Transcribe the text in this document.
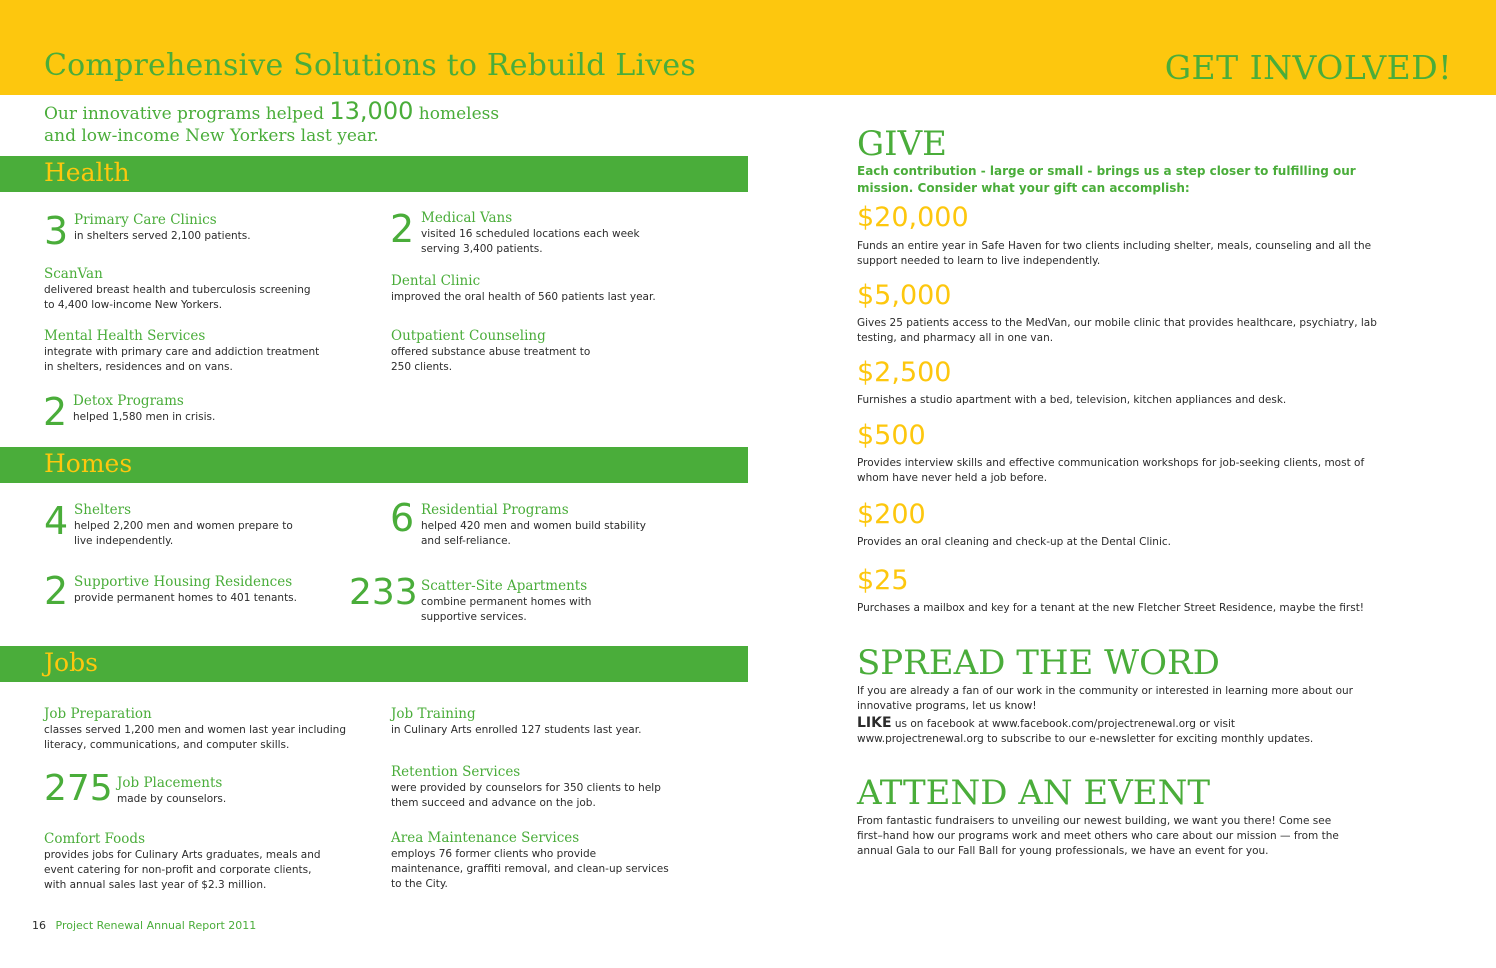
Comprehensive Solutions to Rebuild Lives	GET INVOLVED!
Our innovative programs helped 13,000 homeless
and low-income New Yorkers last year.
Health
3 Primary Care Clinics
in shelters served 2,100 patients.	2 Medical Vans
visited 16 scheduled locations each week
serving 3,400 patients.
ScanVan
delivered breast health and tuberculosis screening
to 4,400 low-income New Yorkers.
Dental Clinic
improved the oral health of 560 patients last year.
Mental Health Services
integrate with primary care and addiction treatment
in shelters, residences and on vans.
Outpatient Counseling
offered substance abuse treatment to
250 clients.
2 Detox Programs
helped 1,580 men in crisis.
Homes
4 Shelters
helped 2,200 men and women prepare to
live independently.
6 Residential Programs
helped 420 men and women build stability
and self-reliance.
2 Supportive Housing Residences
provide permanent homes to 401 tenants. 233 Scatter-Site Apartments
combine permanent homes with
supportive services.
Jobs
Job Preparation
classes served 1,200 men and women last year including
literacy, communications, and computer skills.
Job Training
in Culinary Arts enrolled 127 students last year.
275 Job Placements
made by counselors.
Retention Services
were provided by counselors for 350 clients to help
them succeed and advance on the job.
Comfort Foods
provides jobs for Culinary Arts graduates, meals and
event catering for non-profit and corporate clients,
with annual sales last year of $2.3 million.
Area Maintenance Services
employs 76 former clients who provide
maintenance, graffiti removal, and clean-up services
to the City.
GIVE
Each contribution - large or small - brings us a step closer to fulfilling our mission. Consider what your gift can accomplish:
$20,000
Funds an entire year in Safe Haven for two clients including shelter, meals, counseling and all the support needed to learn to live independently.
$5,000
Gives 25 patients access to the MedVan, our mobile clinic that provides healthcare, psychiatry, lab testing, and pharmacy all in one van.
$2,500
Furnishes a studio apartment with a bed, television, kitchen appliances and desk.
$500
Provides interview skills and effective communication workshops for job-seeking clients, most of whom have never held a job before.
$200
Provides an oral cleaning and check-up at the Dental Clinic.
$25
Purchases a mailbox and key for a tenant at the new Fletcher Street Residence, maybe the first!
SPREAD THE WORD
If you are already a fan of our work in the community or interested in learning more about our innovative programs, let us know!
LIKE us on facebook at www.facebook.com/projectrenewal.org or visit www.projectrenewal.org to subscribe to our e-newsletter for exciting monthly updates.
ATTEND AN EVENT
From fantastic fundraisers to unveiling our newest building, we want you there! Come see first–hand how our programs work and meet others who care about our mission — from the annual Gala to our Fall Ball for young professionals, we have an event for you.
16 Project Renewal Annual Report 2011
